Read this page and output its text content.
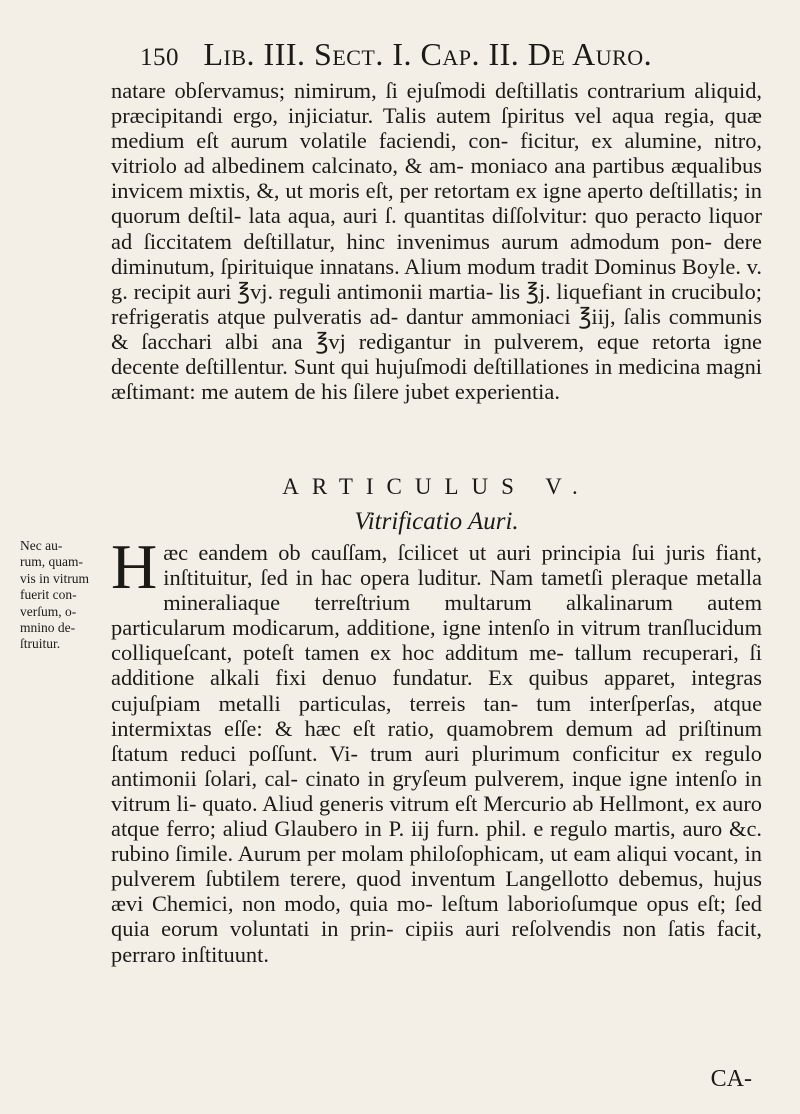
150 Lib. III. Sect. I. Cap. II. De Auro.

natare obſervamus; nimirum, ſi ejuſmodi deſtillatis contrarium aliquid, præcipitandi ergo, injiciatur. Talis autem ſpiritus vel aqua regia, quæ medium eſt aurum volatile faciendi, con- ficitur, ex alumine, nitro, vitriolo ad albedinem calcinato, & am- moniaco ana partibus æqualibus invicem mixtis, &, ut moris eſt, per retortam ex igne aperto deſtillatis; in quorum deſtil- lata aqua, auri ſ. quantitas diſſolvitur: quo peracto liquor ad ſiccitatem deſtillatur, hinc invenimus aurum admodum pon- dere diminutum, ſpirituique innatans. Alium modum tradit Dominus Boyle. v. g. recipit auri ℥vj. reguli antimonii martia- lis ℥j. liquefiant in crucibulo; refrigeratis atque pulveratis ad- dantur ammoniaci ℥iij, ſalis communis & ſacchari albi ana ℥vj redigantur in pulverem, eque retorta igne decente deſtillentur. Sunt qui hujuſmodi deſtillationes in medicina magni æſtimant: me autem de his ſilere jubet experientia.

ARTICULUS V.
Vitrificatio Auri.
Nec au-
rum, quam-
vis in vitrum
fuerit con-
verſum, o-
mnino de-
ſtruitur.

H æc eandem ob cauſſam, ſcilicet ut auri principia ſui juris fiant, inſtituitur, ſed in hac opera luditur. Nam tametſi pleraque metalla mineraliaque terreſtrium multarum alkalinarum autem particularum modicarum, additione, igne intenſo in vitrum tranſlucidum colliqueſcant, poteſt tamen ex hoc additum me- tallum recuperari, ſi additione alkali fixi denuo fundatur. Ex quibus apparet, integras cujuſpiam metalli particulas, terreis tan- tum interſperſas, atque intermixtas eſſe: & hæc eſt ratio, quamobrem demum ad priſtinum ſtatum reduci poſſunt. Vi- trum auri plurimum conficitur ex regulo antimonii ſolari, cal- cinato in gryſeum pulverem, inque igne intenſo in vitrum li- quato. Aliud generis vitrum eſt Mercurio ab Hellmont, ex auro atque ferro; aliud Glaubero in P. iij furn. phil. e regulo martis, auro &c. rubino ſimile. Aurum per molam philoſophicam, ut eam aliqui vocant, in pulverem ſubtilem terere, quod inventum Langellotto debemus, hujus ævi Chemici, non modo, quia mo- leſtum laborioſumque opus eſt; ſed quia eorum voluntati in prin- cipiis auri reſolvendis non ſatis facit, perraro inſtituunt.

CA-
